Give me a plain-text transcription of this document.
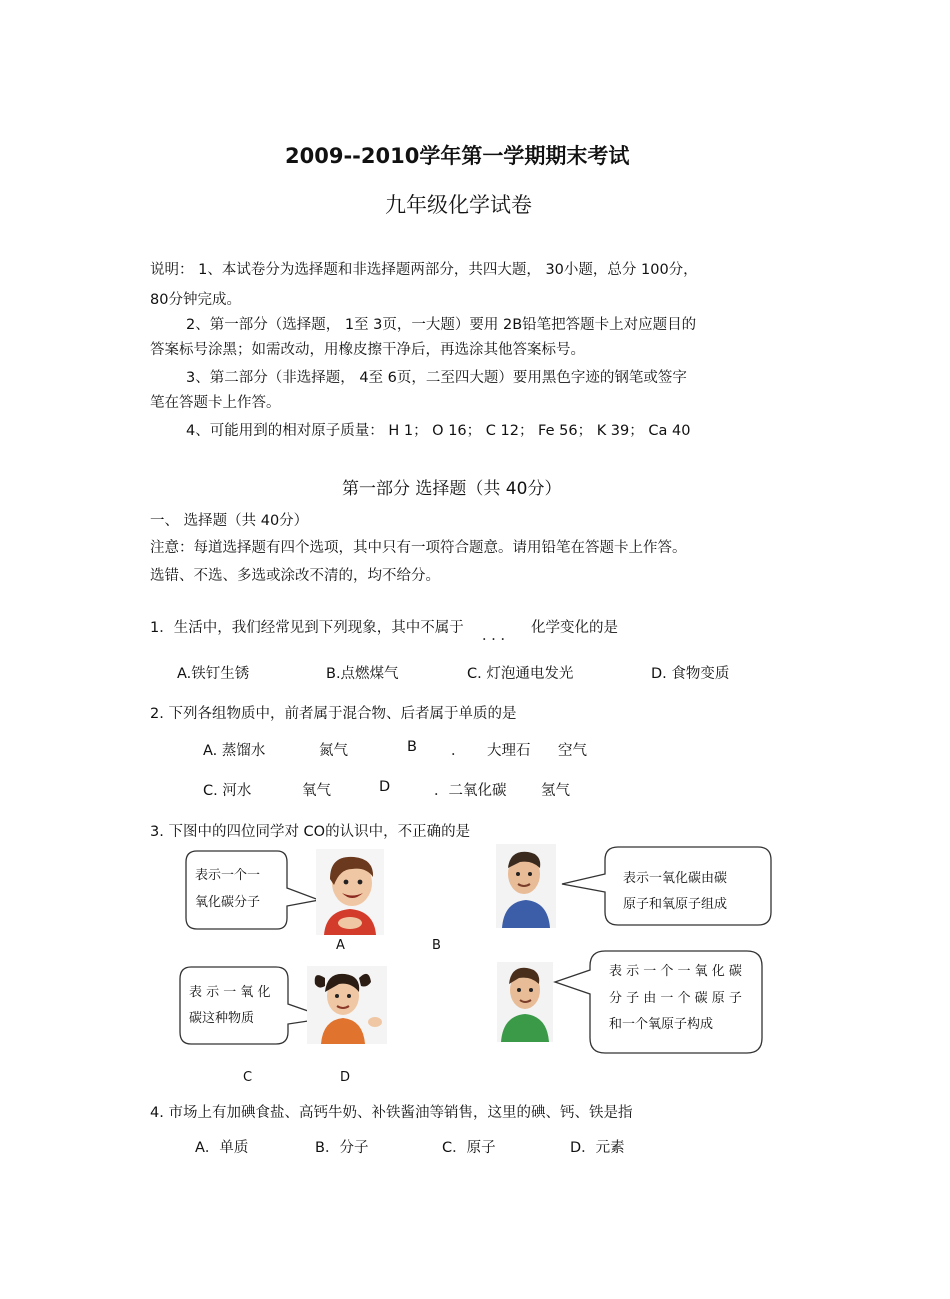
2009--2010学年第一学期期末考试
九年级化学试卷
说明： 1、本试卷分为选择题和非选择题两部分，共四大题， 30小题，总分 100分，
80分钟完成。
2、第一部分（选择题， 1至 3页，一大题）要用 2B铅笔把答题卡上对应题目的
答案标号涂黑；如需改动，用橡皮擦干净后，再选涂其他答案标号。
3、第二部分（非选择题， 4至 6页，二至四大题）要用黑色字迹的钢笔或签字
笔在答题卡上作答。
4、可能用到的相对原子质量： H 1； O 16； C 12； Fe 56； K 39； Ca 40
第一部分 选择题（共 40分）
一、 选择题（共 40分）
注意：每道选择题有四个选项，其中只有一项符合题意。请用铅笔在答题卡上作答。
选错、不选、多选或涂改不清的，均不给分。
1．生活中，我们经常见到下列现象，其中不属于 ．．． 化学变化的是
A.铁钉生锈	B.点燃煤气	C. 灯泡通电发光	D. 食物变质
2. 下列各组物质中，前者属于混合物、后者属于单质的是
A. 蒸馏水	氮气	B ． 大理石 空气
C. 河水	氧气	D	．二氧化碳 氢气
3. 下图中的四位同学对 CO的认识中，不正确的是
表示一个一
氧化碳分子
A	B
表示一氧化碳由碳
原子和氧原子组成
表 示 一 氧 化
碳这种物质
C	D
表 示 一 个 一 氧 化 碳
分 子 由 一 个 碳 原 子
和一个氧原子构成
4. 市场上有加碘食盐、高钙牛奶、补铁酱油等销售，这里的碘、钙、铁是指
A．单质	B．分子	C．原子	D．元素
